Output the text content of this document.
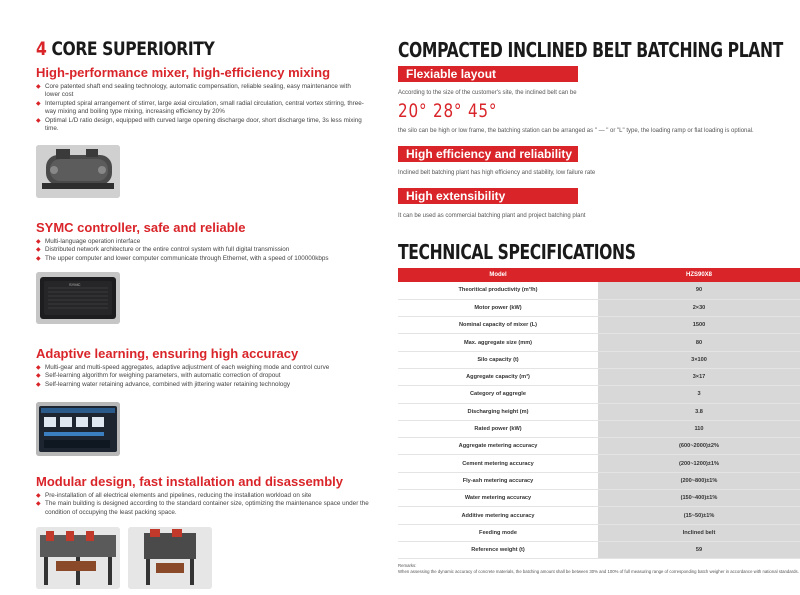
4 CORE SUPERIORITY
High-performance mixer, high-efficiency mixing
◆ Core patented shaft end sealing technology, automatic compensation, reliable sealing, easy maintenance with lower cost
◆ Interrupted spiral arrangement of stirrer, large axial circulation, small radial circulation, central vortex stirring, three-way mixing and boiling type mixing, increasing efficiency by 20%
◆ Optimal L/D ratio design, equipped with curved large opening discharge door, short discharge time, 3s less mixing time.
SYMC controller, safe and reliable
◆ Multi-language operation interface
◆ Distributed network architecture or the entire control system with full digital transmission
◆ The upper computer and lower computer communicate through Ethernet, with a speed of 100000kbps
SYMC
Adaptive learning, ensuring high accuracy
◆ Multi-gear and multi-speed aggregates, adaptive adjustment of each weighing mode and control curve
◆ Self-learning algorithm for weighing parameters, with automatic correction of dropout
◆ Self-learning water retaining advance, combined with jittering water retaining technology
Modular design, fast installation and disassembly
◆ Pre-installation of all electrical elements and pipelines, reducing the installation workload on site
◆ The main building is designed according to the standard container size, optimizing the maintenance space under the condition of occupying the least packing space.
COMPACTED INCLINED BELT BATCHING PLANT
Flexiable layout
According to the size of the customer's site, the inclined belt can be
20° 28° 45°
the silo can be high or low frame, the batching station can be arranged as " — " or "L" type, the loading ramp or flat loading is optional.
High efficiency and reliability
Inclined belt batching plant has high efficiency and stability, low failure rate
High extensibility
It can be used as commercial batching plant and project batching plant
TECHNICAL SPECIFICATIONS
Model	HZS90X8
Theoritical productivity (m³/h)	90
Motor power (kW)	2×30
Nominal capacity of mixer (L)	1500
Max. aggregate size (mm)	80
Silo capacity (t)	3×100
Aggregate capacity (m³)	3×17
Category of aggregle	3
Discharging height (m)	3.8
Rated power (kW)	110
Aggregate metering accuracy	(600~2000)±2%
Cement metering accuracy	(200~1200)±1%
Fly-ash metering accuracy	(200~800)±1%
Water metering accuracy	(150~400)±1%
Additive metering accuracy	(15~50)±1%
Feeding mode	Inclined belt
Reference weight (t)	59
Remarks:
When assessing the dynamic accuracy of concrete materials, the batching amount shall be between 30% and 100% of full measuring range of corresponding batch weigher in accordance with national standards.
